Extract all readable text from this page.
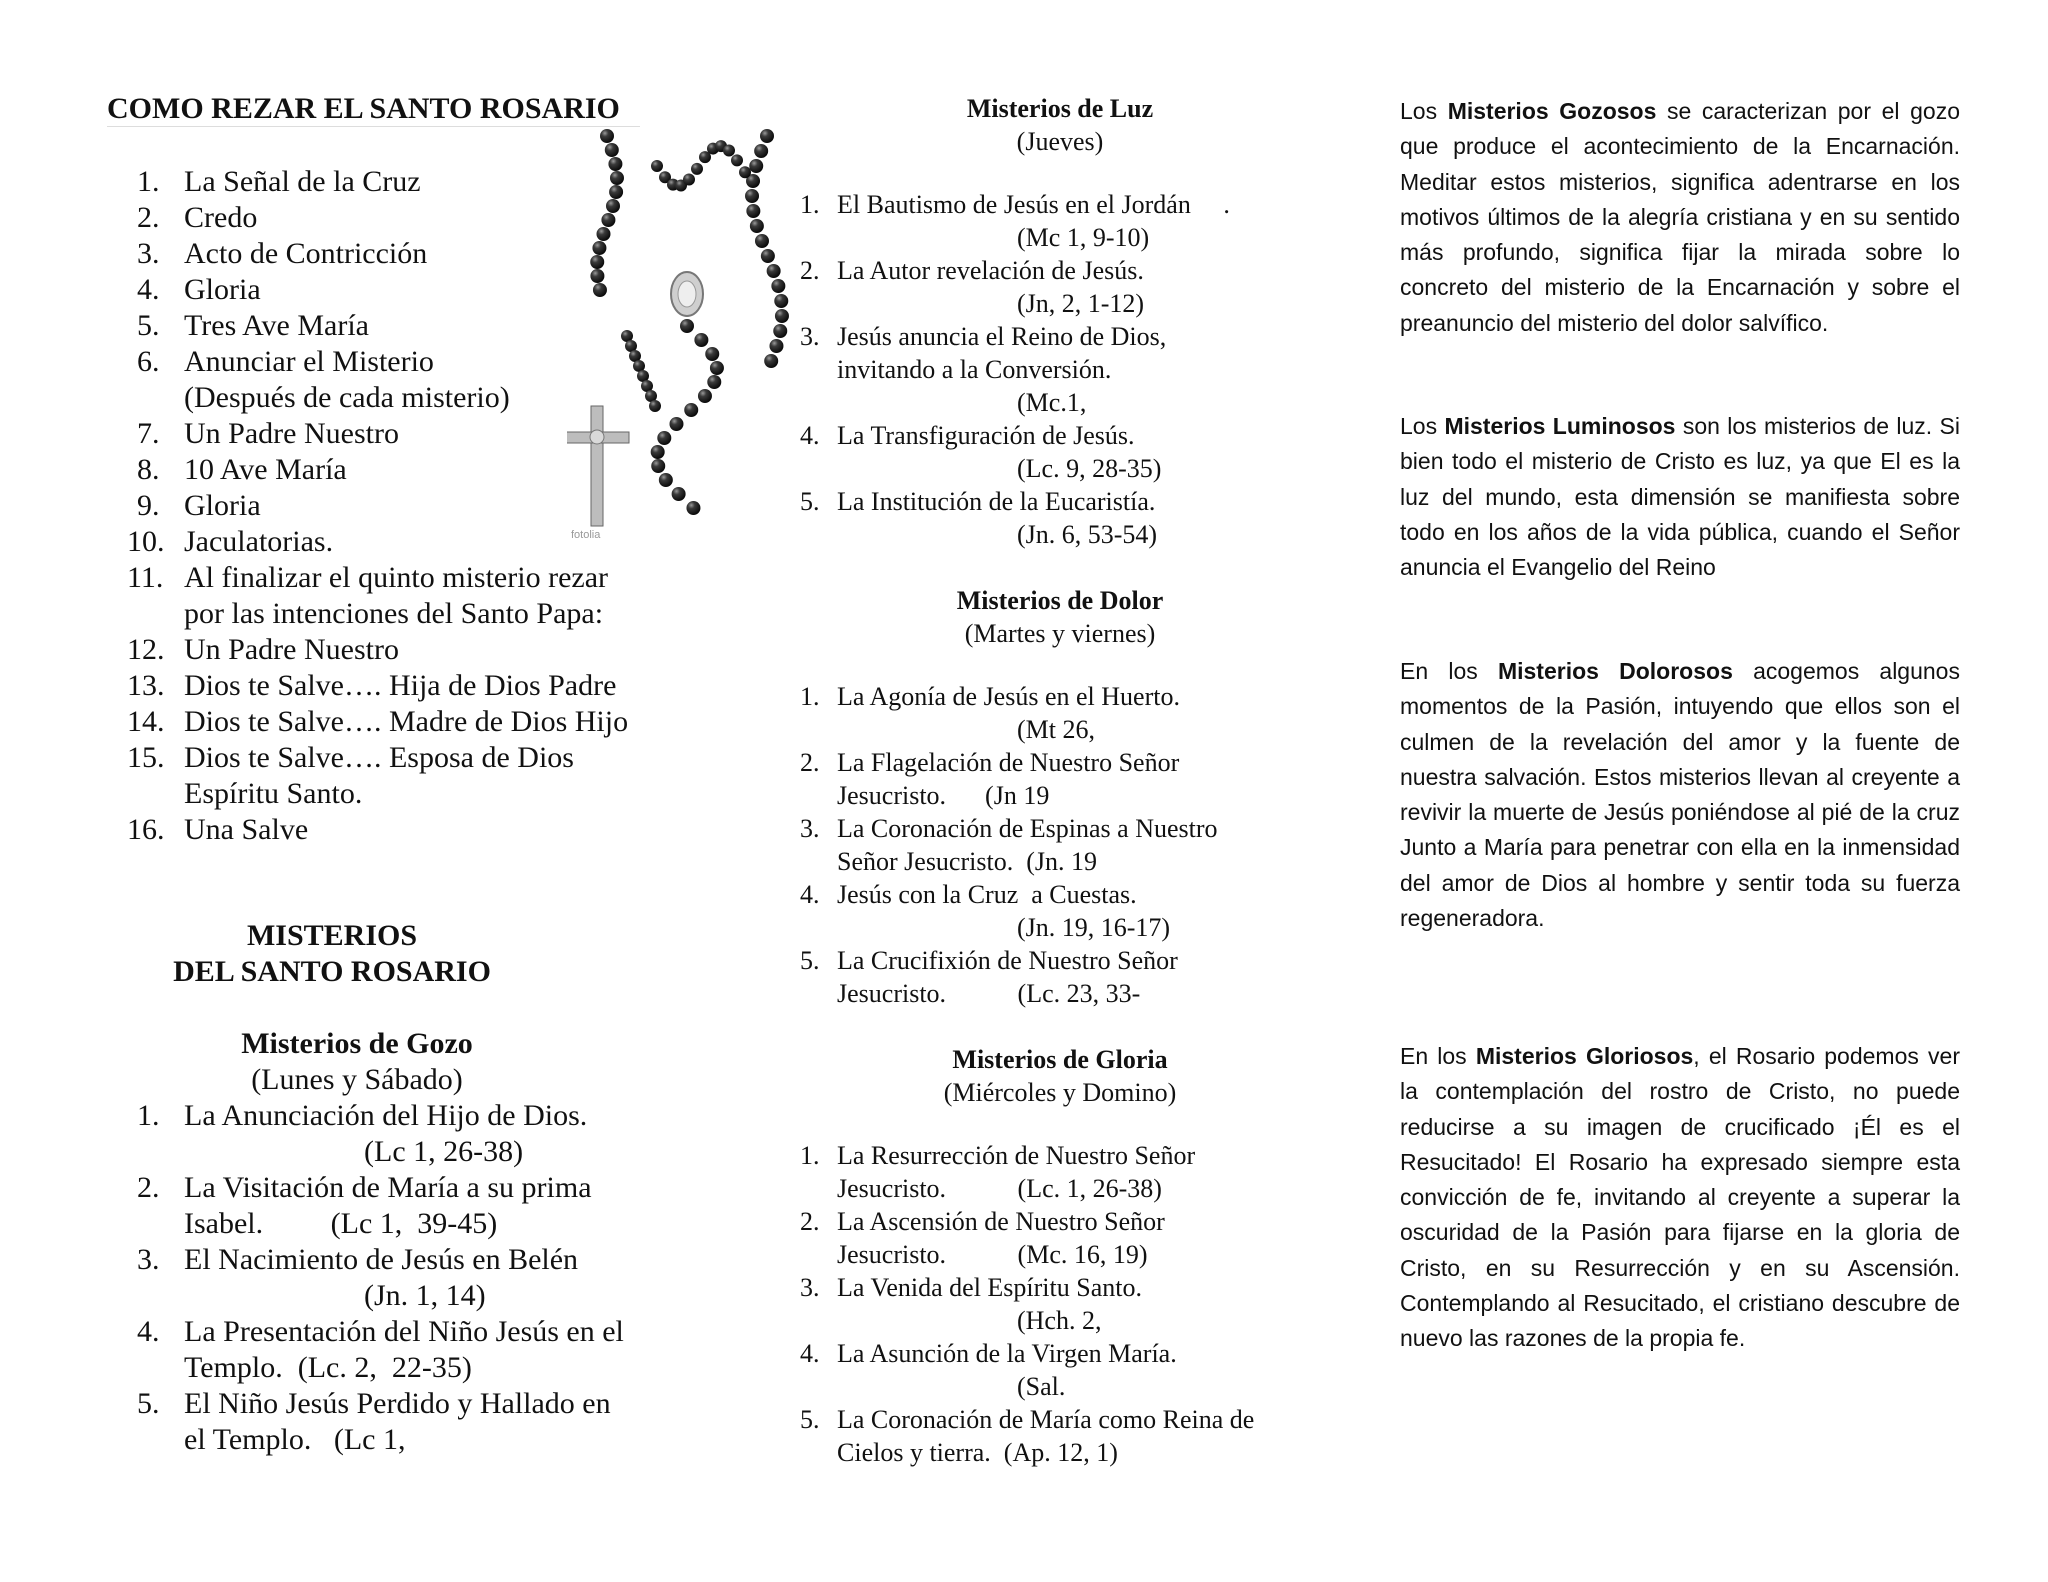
COMO REZAR EL SANTO ROSARIO
1. La Señal de la Cruz
2. Credo
3. Acto de Contricción
4. Gloria
5. Tres Ave María
6. Anunciar el Misterio
(Después de cada misterio)
7. Un Padre Nuestro
8. 10 Ave María
9. Gloria
10. Jaculatorias.
11. Al finalizar el quinto misterio rezar
por las intenciones del Santo Papa:
12. Un Padre Nuestro
13. Dios te Salve…. Hija de Dios Padre
14. Dios te Salve…. Madre de Dios Hijo
15. Dios te Salve…. Esposa de Dios
Espíritu Santo.
16. Una Salve
fotolia
MISTERIOS
DEL SANTO ROSARIO
Misterios de Gozo
(Lunes y Sábado)
1. La Anunciación del Hijo de Dios.
(Lc 1, 26-38)
2. La Visitación de María a su prima
Isabel.         (Lc 1,  39-45)
3. El Nacimiento de Jesús en Belén
(Jn. 1, 14)
4. La Presentación del Niño Jesús en el
Templo.  (Lc. 2,  22-35)
5. El Niño Jesús Perdido y Hallado en
el Templo.   (Lc 1,
Misterios de Luz
(Jueves)
1. El Bautismo de Jesús en el Jordán     .
(Mc 1, 9-10)
2. La Autor revelación de Jesús.
(Jn, 2, 1-12)
3. Jesús anuncia el Reino de Dios,
invitando a la Conversión.
(Mc.1,
4. La Transfiguración de Jesús.
(Lc. 9, 28-35)
5. La Institución de la Eucaristía.
(Jn. 6, 53-54)
Misterios de Dolor
(Martes y viernes)
1. La Agonía de Jesús en el Huerto.
(Mt 26,
2. La Flagelación de Nuestro Señor
Jesucristo.      (Jn 19
3. La Coronación de Espinas a Nuestro
Señor Jesucristo.  (Jn. 19
4. Jesús con la Cruz  a Cuestas.
(Jn. 19, 16-17)
5. La Crucifixión de Nuestro Señor
Jesucristo.           (Lc. 23, 33-
Misterios de Gloria
(Miércoles y Domino)
1. La Resurrección de Nuestro Señor
Jesucristo.           (Lc. 1, 26-38)
2. La Ascensión de Nuestro Señor
Jesucristo.           (Mc. 16, 19)
3. La Venida del Espíritu Santo.
(Hch. 2,
4. La Asunción de la Virgen María.
(Sal.
5. La Coronación de María como Reina de
Cielos y tierra.  (Ap. 12, 1)

Los Misterios Gozosos se caracterizan por el gozo que produce el acontecimiento de la Encarnación. Meditar estos misterios, significa adentrarse en los motivos últimos de la alegría cristiana y en su sentido más profundo, significa fijar la mirada sobre lo concreto del misterio de la Encarnación y sobre el preanuncio del misterio del dolor salvífico.

Los Misterios Luminosos son los misterios de luz. Si bien todo el misterio de Cristo es luz, ya que El es la luz del mundo, esta dimensión se manifiesta sobre todo en los años de la vida pública, cuando el Señor anuncia el Evangelio del Reino

En los Misterios Dolorosos acogemos algunos momentos de la Pasión, intuyendo que ellos son el culmen de la revelación del amor y la fuente de nuestra salvación. Estos misterios llevan al creyente a revivir la muerte de Jesús poniéndose al pié de la cruz Junto a María para penetrar con ella en la inmensidad del amor de Dios al hombre y sentir toda su fuerza regeneradora.

En los Misterios Gloriosos, el Rosario podemos ver la contemplación del rostro de Cristo, no puede reducirse a su imagen de crucificado ¡Él es el Resucitado! El Rosario ha expresado siempre esta convicción de fe, invitando al creyente a superar la oscuridad de la Pasión para fijarse en la gloria de Cristo, en su Resurrección y en su Ascensión. Contemplando al Resucitado, el cristiano descubre de nuevo las razones de la propia fe.
